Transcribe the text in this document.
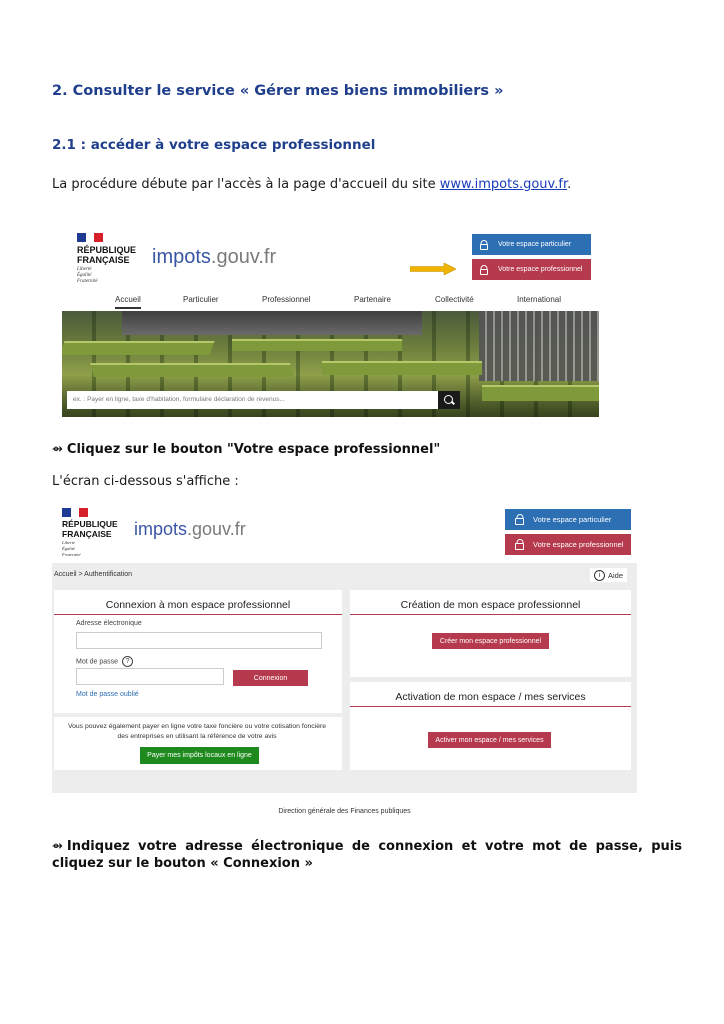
2. Consulter le service « Gérer mes biens immobiliers »
2.1 : accéder à votre espace professionnel
La procédure débute par l'accès à la page d'accueil du site www.impots.gouv.fr.
RÉPUBLIQUE
FRANÇAISE
Liberté
Égalité
Fraternité
impots.gouv.fr
Votre espace particulier
Votre espace professionnel
Accueil	Particulier	Professionnel	Partenaire	Collectivité	International
ex. : Payer en ligne, taxe d'habitation, formulaire déclaration de revenus...
⇴ Cliquez sur le bouton "Votre espace professionnel"
L'écran ci-dessous s'affiche :
RÉPUBLIQUE
FRANÇAISE
Liberté
Égalité
Fraternité
impots.gouv.fr	Votre espace particulier
Votre espace professionnel
Accueil > Authentification	i	Aide
Connexion à mon espace professionnel
Adresse électronique
Mot de passe ?
Connexion
Mot de passe oublié
Vous pouvez également payer en ligne votre taxe foncière ou votre cotisation foncière des entreprises en utilisant la référence de votre avis
Payer mes impôts locaux en ligne
Création de mon espace professionnel
Créer mon espace professionnel
Activation de mon espace / mes services
Activer mon espace / mes services
Direction générale des Finances publiques
⇴ Indiquez votre adresse électronique de connexion et votre mot de passe, puis cliquez sur le bouton « Connexion »
